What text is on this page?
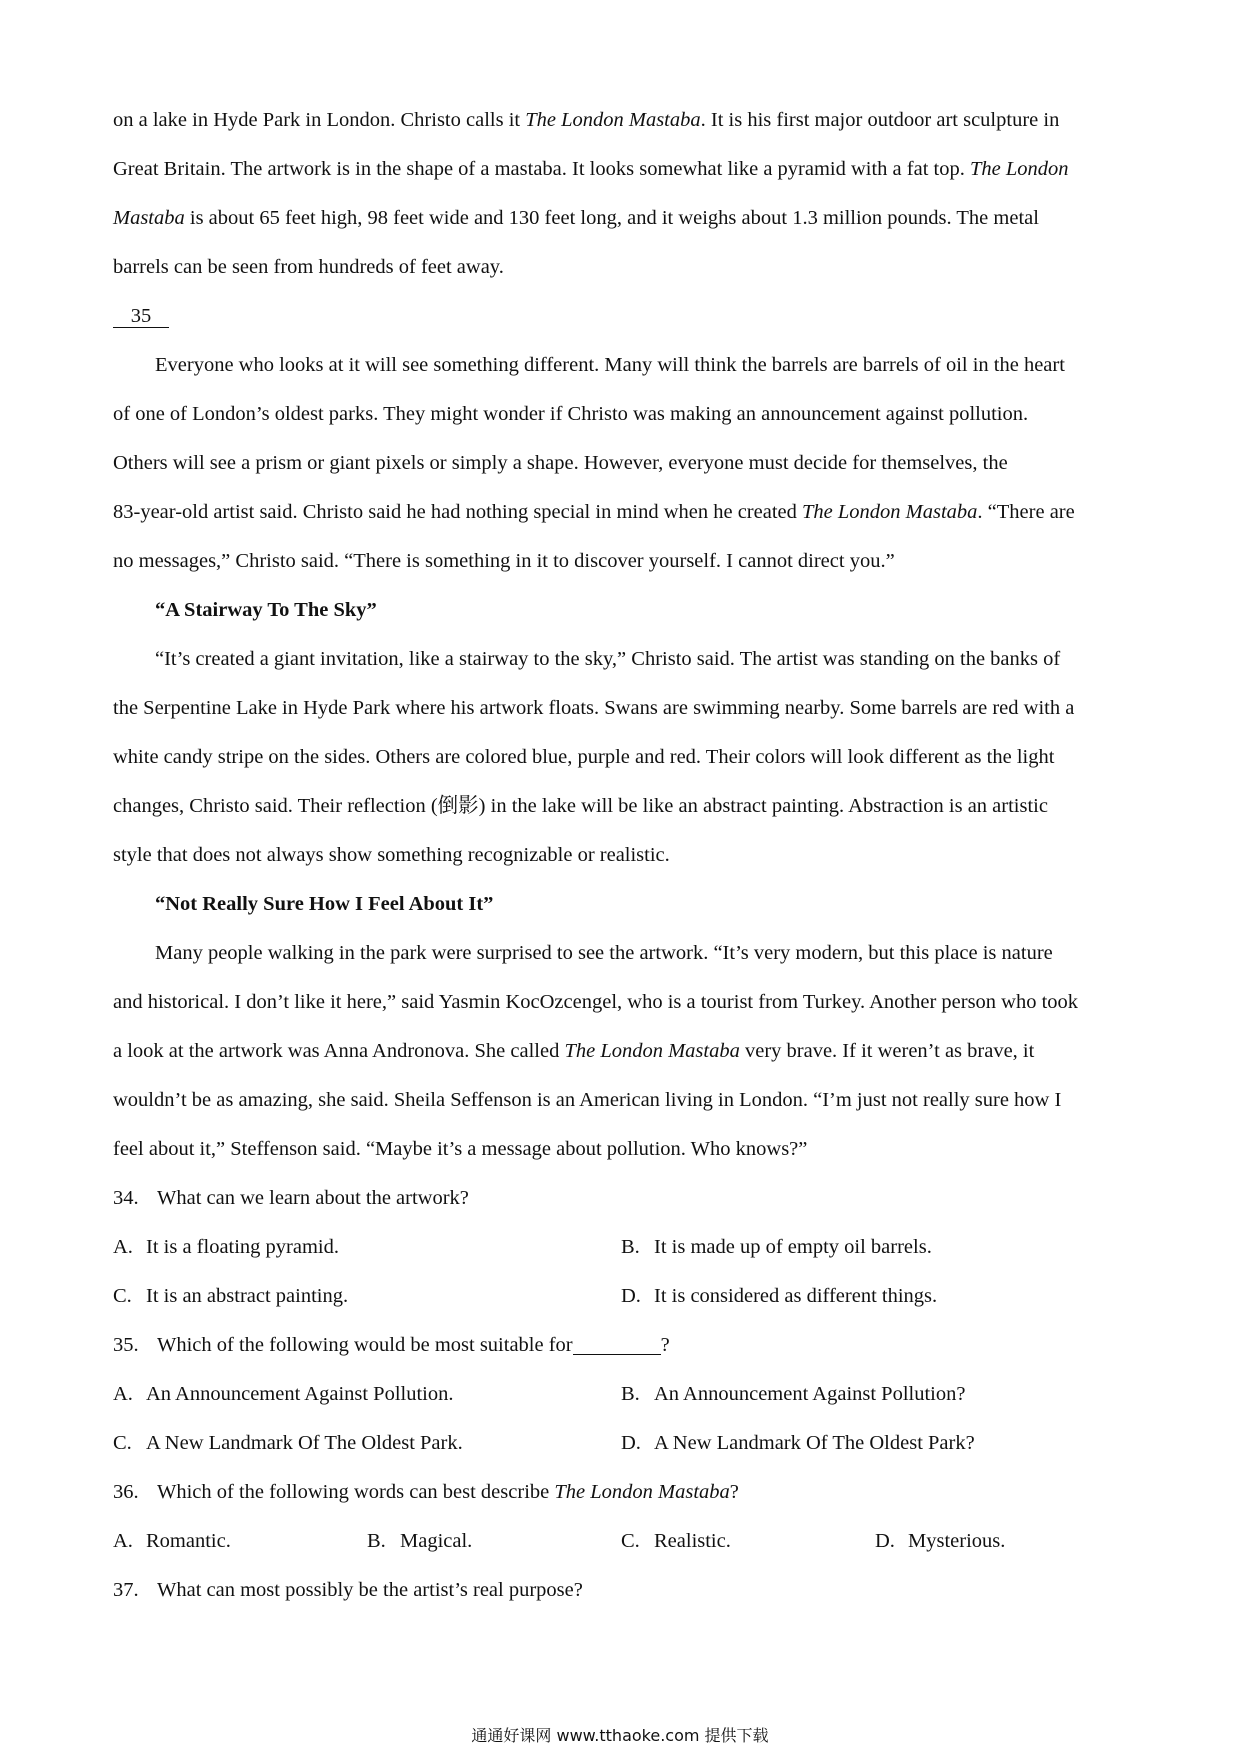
on a lake in Hyde Park in London. Christo calls it The London Mastaba. It is his first major outdoor art sculpture in

Great Britain. The artwork is in the shape of a mastaba. It looks somewhat like a pyramid with a fat top. The London

Mastaba is about 65 feet high, 98 feet wide and 130 feet long, and it weighs about 1.3 million pounds. The metal

barrels can be seen from hundreds of feet away.

35

Everyone who looks at it will see something different. Many will think the barrels are barrels of oil in the heart

of one of London’s oldest parks. They might wonder if Christo was making an announcement against pollution.

Others will see a prism or giant pixels or simply a shape. However, everyone must decide for themselves, the

83-year-old artist said. Christo said he had nothing special in mind when he created The London Mastaba. “There are

no messages,” Christo said. “There is something in it to discover yourself. I cannot direct you.”

“A Stairway To The Sky”

“It’s created a giant invitation, like a stairway to the sky,” Christo said. The artist was standing on the banks of

the Serpentine Lake in Hyde Park where his artwork floats. Swans are swimming nearby. Some barrels are red with a

white candy stripe on the sides. Others are colored blue, purple and red. Their colors will look different as the light

changes, Christo said. Their reflection (倒影) in the lake will be like an abstract painting. Abstraction is an artistic

style that does not always show something recognizable or realistic.

“Not Really Sure How I Feel About It”

Many people walking in the park were surprised to see the artwork. “It’s very modern, but this place is nature

and historical. I don’t like it here,” said Yasmin KocOzcengel, who is a tourist from Turkey. Another person who took

a look at the artwork was Anna Andronova. She called The London Mastaba very brave. If it weren’t as brave, it

wouldn’t be as amazing, she said. Sheila Seffenson is an American living in London. “I’m just not really sure how I

feel about it,” Steffenson said. “Maybe it’s a message about pollution. Who knows?”

34. What can we learn about the artwork?

A. It is a floating pyramid.	B. It is made up of empty oil barrels.
C. It is an abstract painting.	D. It is considered as different things.

35. Which of the following would be most suitable for	?

A. An Announcement Against Pollution.	B. An Announcement Against Pollution?
C. A New Landmark Of The Oldest Park.	D. A New Landmark Of The Oldest Park?

36. Which of the following words can best describe The London Mastaba?

A. Romantic.	B. Magical.	C. Realistic.	D. Mysterious.

37. What can most possibly be the artist’s real purpose?

通通好课网 www.tthaoke.com 提供下载
